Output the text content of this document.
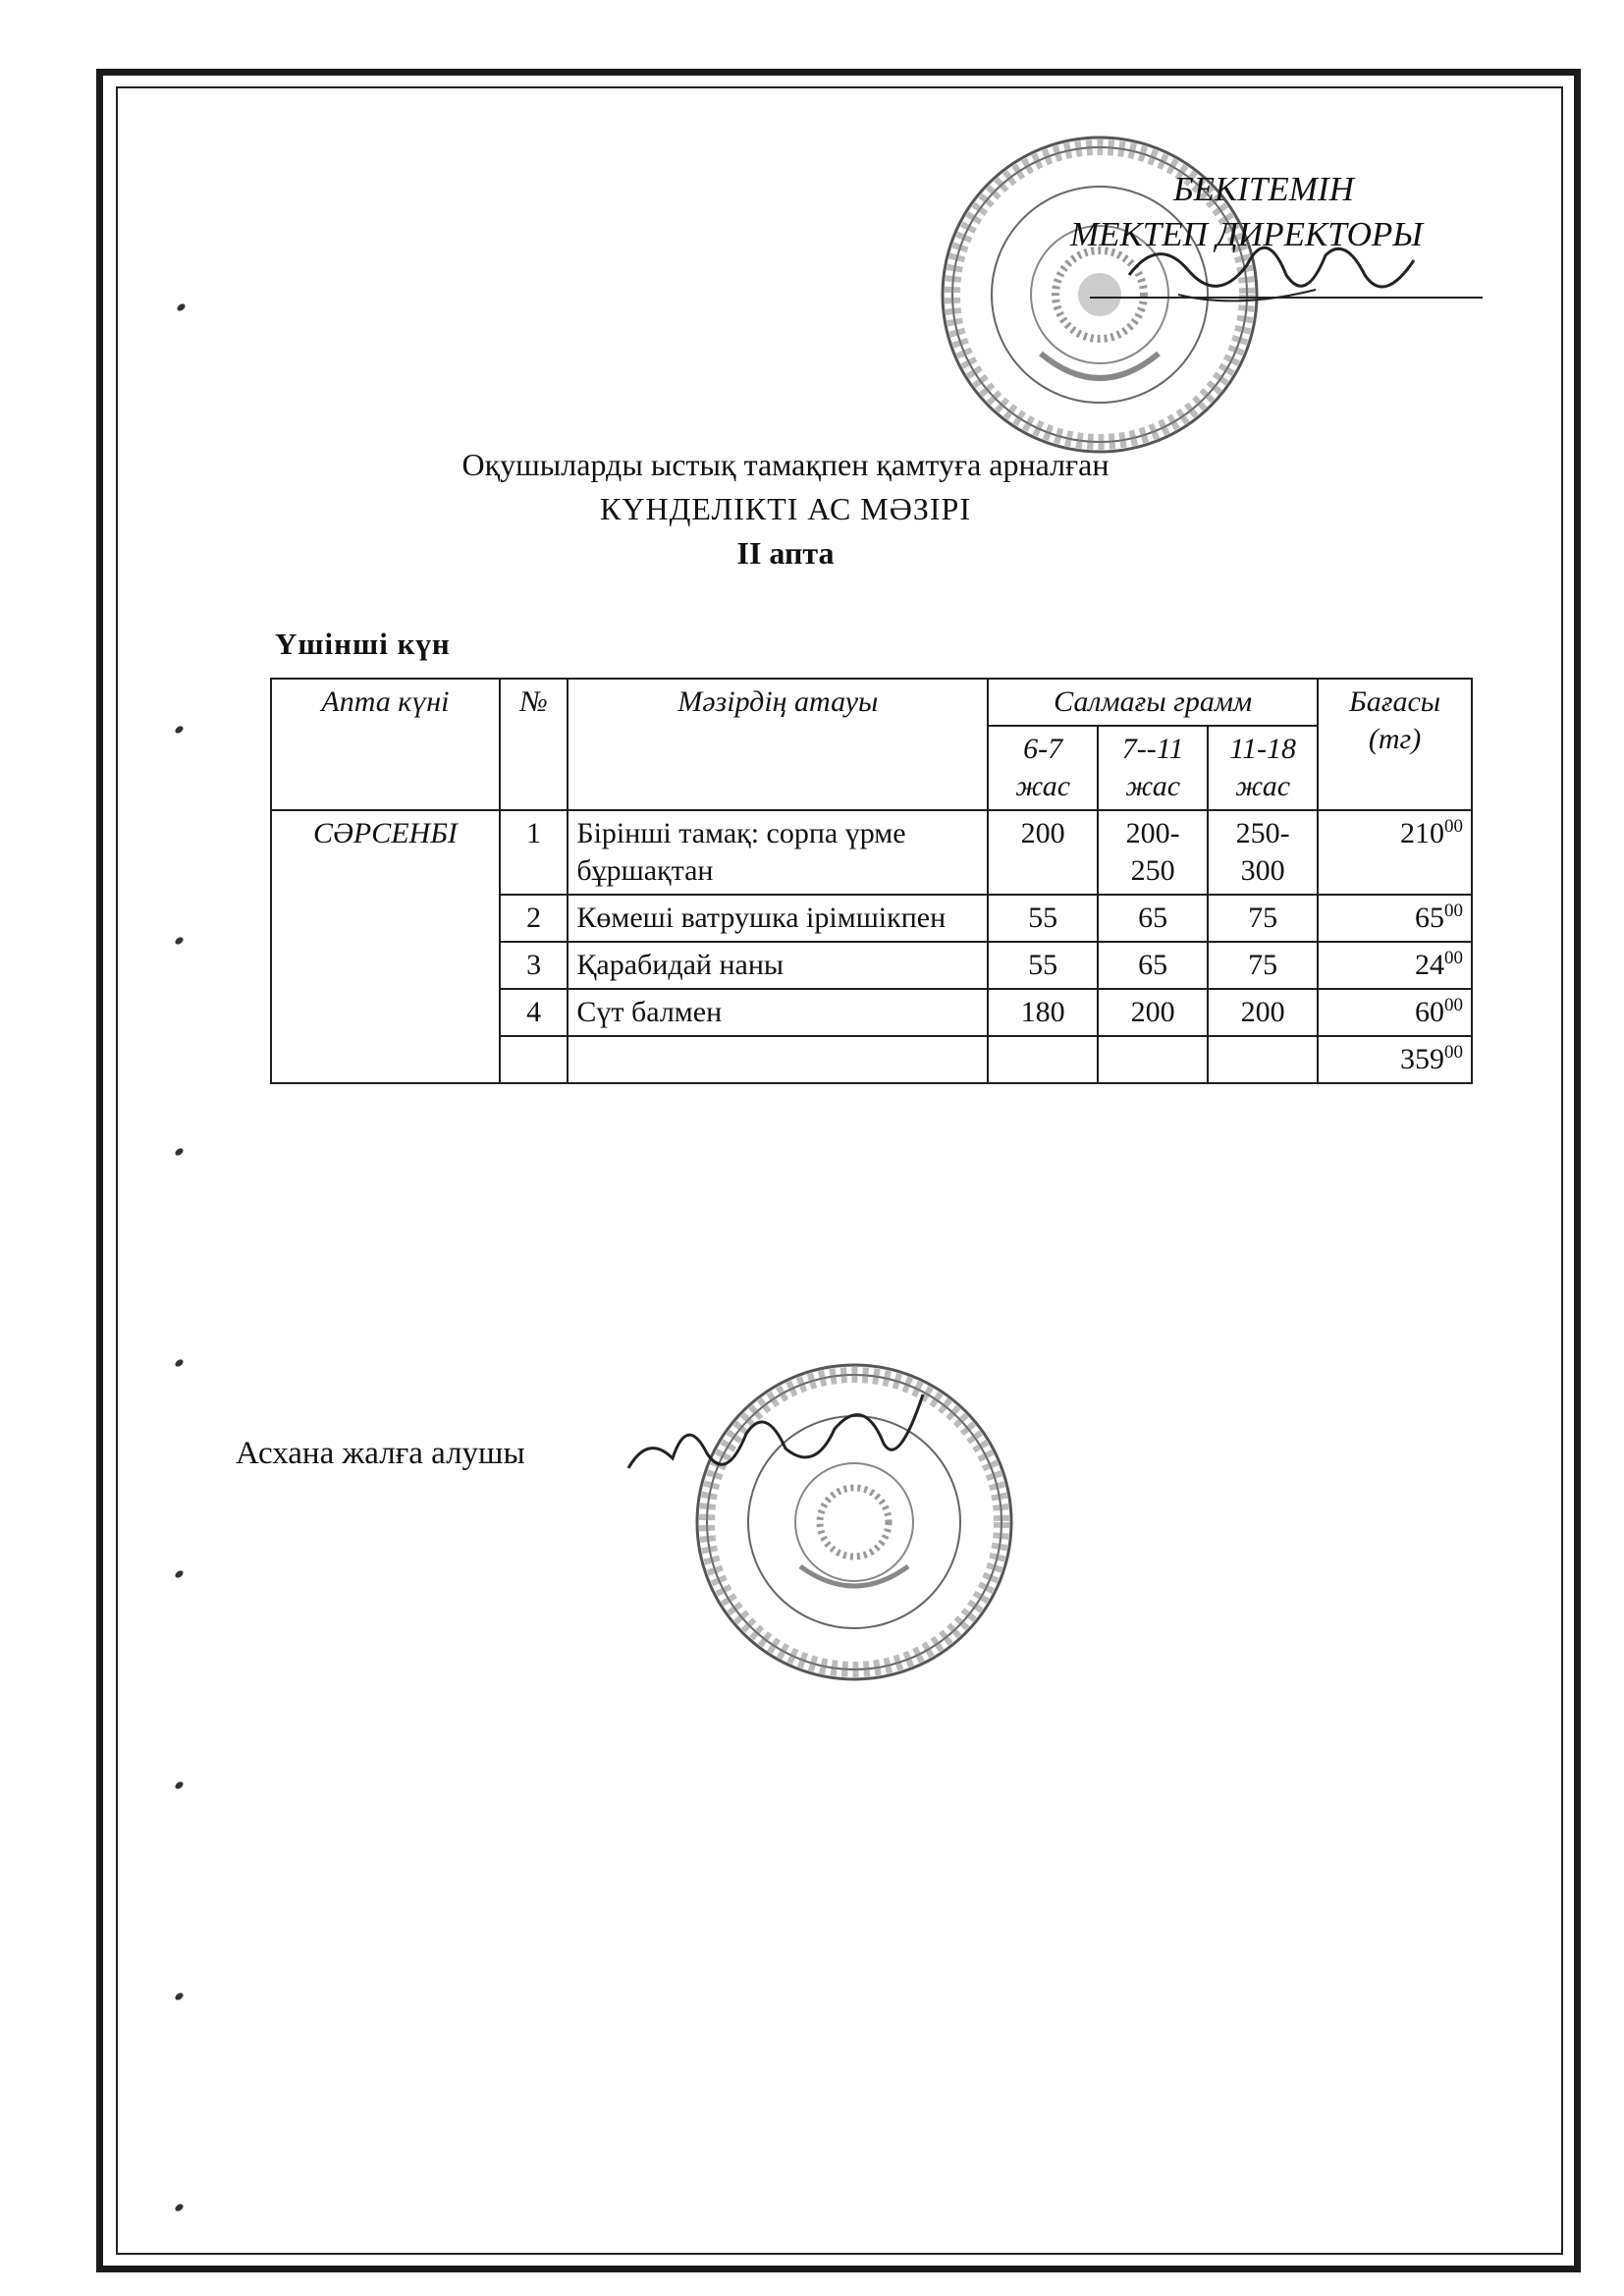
БЕКІТЕМІН
МЕКТЕП ДИРЕКТОРЫ
Оқушыларды ыстық тамақпен қамтуға арналған
КҮНДЕЛІКТІ АС МӘЗІРІ
ІІ апта
Үшінші күн
Апта күні	№	Мәзірдің атауы	Салмағы грамм			Бағасы (тг)
			6-7 жас	7--11 жас	11-18 жас	
СӘРСЕНБІ	1	Бірінші тамақ: сорпа үрме бұршақтан	200	200-250	250-300	$210^{00}$
	2	Көмеші ватрушка ірімшікпен	55	65	75	$65^{00}$
	3	Қарабидай наны	55	65	75	$24^{00}$
	4	Сүт балмен	180	200	200	$60^{00}$
						$359^{00}$
Асхана жалға алушы
